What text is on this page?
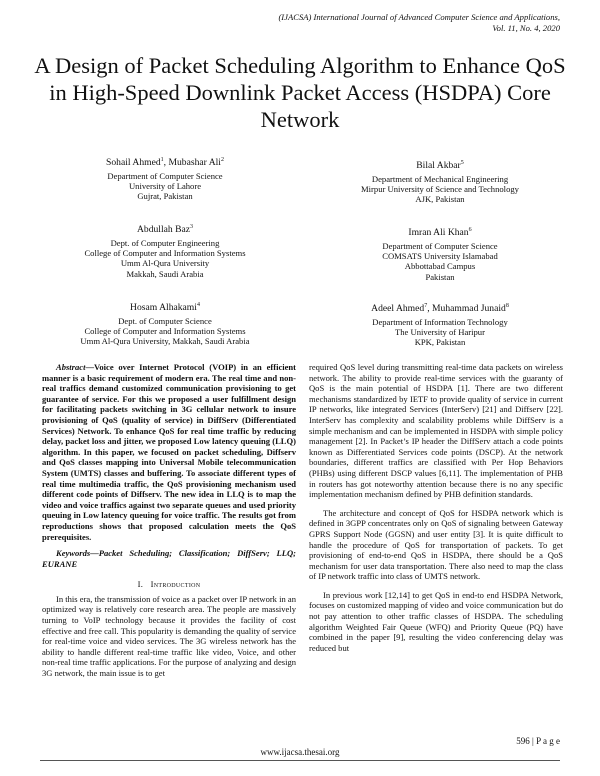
(IJACSA) International Journal of Advanced Computer Science and Applications,
Vol. 11, No. 4, 2020
A Design of Packet Scheduling Algorithm to Enhance QoS in High-Speed Downlink Packet Access (HSDPA) Core Network
Sohail Ahmed$^1$, Mubashar Ali$^2$
Department of Computer Science
University of Lahore
Gujrat, Pakistan
Bilal Akbar$^5$
Department of Mechanical Engineering
Mirpur University of Science and Technology
AJK, Pakistan
Abdullah Baz$^3$
Dept. of Computer Engineering
College of Computer and Information Systems
Umm Al-Qura University
Makkah, Saudi Arabia
Imran Ali Khan$^6$
Department of Computer Science
COMSATS University Islamabad
Abbottabad Campus
Pakistan
Hosam Alhakami$^4$
Dept. of Computer Science
College of Computer and Information Systems
Umm Al-Qura University, Makkah, Saudi Arabia
Adeel Ahmed$^7$, Muhammad Junaid$^8$
Department of Information Technology
The University of Haripur
KPK, Pakistan

Abstract—Voice over Internet Protocol (VOIP) in an efficient manner is a basic requirement of modern era. The real time and non-real traffics demand customized communication provisioning to get guarantee of service. For this we proposed a user fulfillment design for facilitating packets switching in 3G cellular network to insure provisioning of QoS (quality of service) in DiffServ (Differentiated Services) Network. To enhance QoS for real time traffic by reducing delay, packet loss and jitter, we proposed Low latency queuing (LLQ) algorithm. In this paper, we focused on packet scheduling, Diffserv and QoS classes mapping into Universal Mobile telecommunication System (UMTS) classes and buffering. To associate different types of real time multimedia traffic, the QoS provisioning mechanism used different code points of Diffserv. The new idea in LLQ is to map the video and voice traffics against two separate queues and used priority queuing in Low latency queuing for voice traffic. The results got from reproductions shows that proposed calculation meets the QoS prerequisites.

Keywords—Packet Scheduling; Classification; DiffServ; LLQ; EURANE

I. Introduction

In this era, the transmission of voice as a packet over IP network in an optimized way is relatively core research area. The people are massively turning to VoIP technology because it provides the facility of cost effective and free call. This popularity is demanding the quality of service for real-time voice and video services. The 3G wireless network has the ability to handle different real-time traffic like video, Voice, and other non-real time traffic applications. For the purpose of analyzing and design 3G network, the main issue is to get

required QoS level during transmitting real-time data packets on wireless network. The ability to provide real-time services with the guaranty of QoS is the main potential of HSDPA [1]. There are two different mechanisms standardized by IETF to provide quality of service in current IP networks, like integrated Services (InterServ) [21] and Diffserv [22]. InterServ has complexity and scalability problems while DiffServ is a simple mechanism and can be implemented in HSDPA with simple policy management [2]. In Packet’s IP header the DiffServ attach a code points known as Differentiated Services code points (DSCP). At the network boundaries, different traffics are classified with Per Hop Behaviors (PHBs) using different DSCP values [6,11]. The implementation of PHB in routers has got noteworthy attention because there is no any specific implementation mechanism defined by PHB definition standards.

The architecture and concept of QoS for HSDPA network which is defined in 3GPP concentrates only on QoS of signaling between Gateway GPRS Support Node (GGSN) and user entity [3]. It is quite difficult to handle the procedure of QoS for transportation of packets. To get provisioning of end-to-end QoS in HSDPA, there should be a QoS mechanism for user data transportation. There also need to map the class of IP network traffic into class of UMTS network.

In previous work [12,14] to get QoS in end-to end HSDPA Network, focuses on customized mapping of video and voice communication but do not pay attention to other traffic classes of HSDPA. The scheduling algorithm Weighted Fair Queue (WFQ) and Priority Queue (PQ) have combined in the paper [9], resulting the video conferencing delay was reduced but

596 | P a g e
www.ijacsa.thesai.org
